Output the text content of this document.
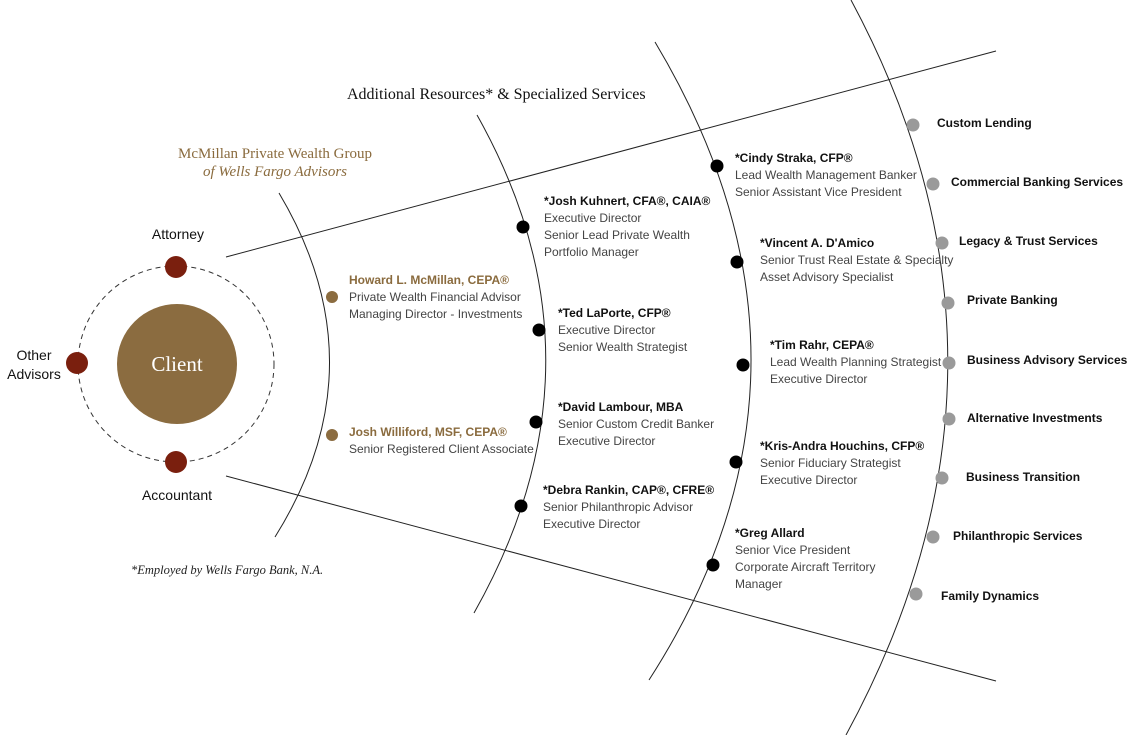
Additional Resources* & Specialized Services
McMillan Private Wealth Group
of Wells Fargo Advisors
Client
Attorney
Other
Advisors
Accountant
Howard L. McMillan, CEPA®
Private Wealth Financial Advisor
Managing Director - Investments
Josh Williford, MSF, CEPA®
Senior Registered Client Associate
*Josh Kuhnert, CFA®, CAIA®
Executive Director
Senior Lead Private Wealth
Portfolio Manager
*Ted LaPorte, CFP®
Executive Director
Senior Wealth Strategist
*David Lambour, MBA
Senior Custom Credit Banker
Executive Director
*Debra Rankin, CAP®, CFRE®
Senior Philanthropic Advisor
Executive Director
*Cindy Straka, CFP®
Lead Wealth Management Banker
Senior Assistant Vice President
*Vincent A. D'Amico
Senior Trust Real Estate & Specialty
Asset Advisory Specialist
*Tim Rahr, CEPA®
Lead Wealth Planning Strategist
Executive Director
*Kris-Andra Houchins, CFP®
Senior Fiduciary Strategist
Executive Director
*Greg Allard
Senior Vice President
Corporate Aircraft Territory
Manager
Custom Lending
Commercial Banking Services
Legacy & Trust Services
Private Banking
Business Advisory Services
Alternative Investments
Business Transition
Philanthropic Services
Family Dynamics
*Employed by Wells Fargo Bank, N.A.
